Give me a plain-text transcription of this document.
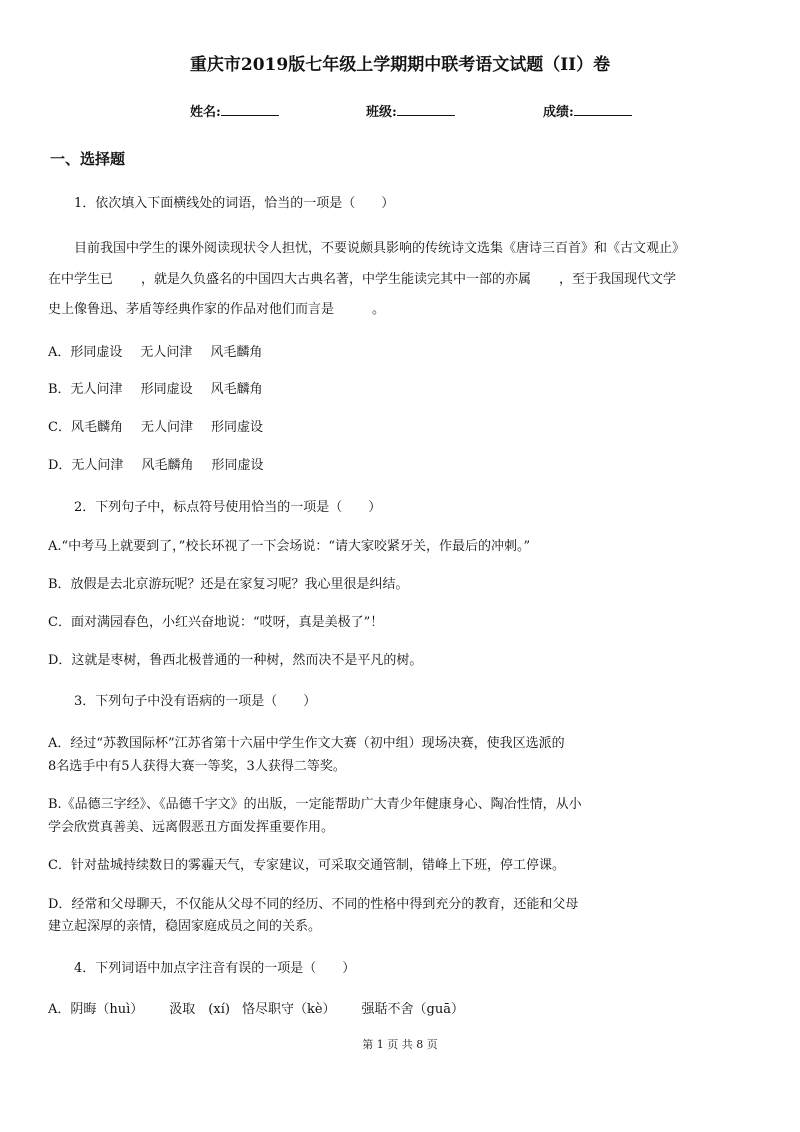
重庆市2019版七年级上学期期中联考语文试题（II）卷
姓名:	班级:	成绩:
一、选择题
1．依次填入下面横线处的词语，恰当的一项是（　　）
目前我国中学生的课外阅读现状令人担忧，不要说颇具影响的传统诗文选集《唐诗三百首》和《古文观止》
在中学生已 ，就是久负盛名的中国四大古典名著，中学生能读完其中一部的亦属 ，至于我国现代文学
史上像鲁迅、茅盾等经典作家的作品对他们而言是	。
A．形同虚设 无人问津 风毛麟角
B．无人问津 形同虚设 风毛麟角
C．风毛麟角 无人问津 形同虚设
D．无人问津 风毛麟角 形同虚设
2．下列句子中，标点符号使用恰当的一项是（　　）
A.“中考马上就要到了，”校长环视了一下会场说：“请大家咬紧牙关，作最后的冲刺。”
B．放假是去北京游玩呢？还是在家复习呢？我心里很是纠结。
C．面对满园春色，小红兴奋地说：“哎呀，真是美极了”！
D．这就是枣树，鲁西北极普通的一种树，然而决不是平凡的树。
3．下列句子中没有语病的一项是（　　）
A．经过“苏教国际杯”江苏省第十六届中学生作文大赛（初中组）现场决赛，使我区选派的
8名选手中有5人获得大赛一等奖，3人获得二等奖。
B.《品德三字经》、《品德千字文》的出版，一定能帮助广大青少年健康身心、陶冶性情，从小
学会欣赏真善美、远离假恶丑方面发挥重要作用。
C．针对盐城持续数日的雾霾天气，专家建议，可采取交通管制，错峰上下班，停工停课。
D．经常和父母聊天，不仅能从父母不同的经历、不同的性格中得到充分的教育，还能和父母
建立起深厚的亲情，稳固家庭成员之间的关系。
4．下列词语中加点字注音有误的一项是（　　）
A．阴晦（huì） 汲取　(xí) 恪尽职守（kè） 强聒不舍（guā）
第 1 页 共 8 页
